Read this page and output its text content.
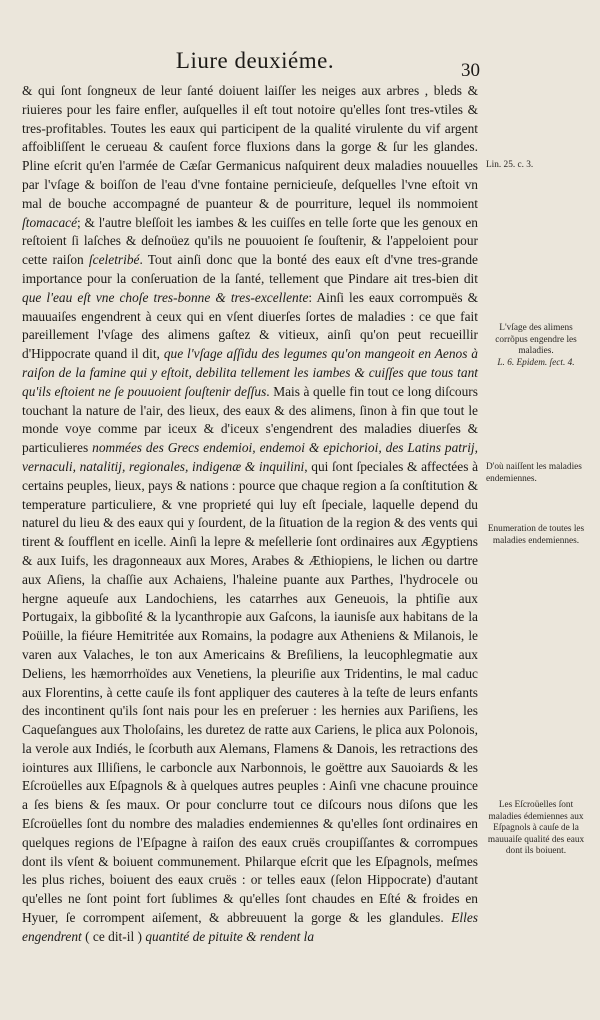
Liure deuxiéme.	30

& qui ſont ſongneux de leur ſanté doiuent laiſſer les neiges aux arbres , bleds & riuieres pour les faire enfler, auſquelles il eſt tout notoire qu'elles ſont tres-vtiles & tres-profitables. Toutes les eaux qui participent de la qualité virulente du vif argent affoibliſſent le cerueau & cauſent force fluxions dans la gorge & ſur les glandes. Pline eſcrit qu'en l'armée de Cæſar Germanicus naſquirent deux maladies nouuelles par l'vſage & boiſſon de l'eau d'vne fontaine pernicieuſe, deſquelles l'vne eſtoit vn mal de bouche accompagné de puanteur & de pourriture, lequel ils nommoient ſtomacacé; & l'autre bleſſoit les iambes & les cuiſſes en telle ſorte que les genoux en reſtoient ſi laſches & deſnoüez qu'ils ne pouuoient ſe ſouſtenir, & l'appeloient pour cette raiſon ſceletribé. Tout ainſi donc que la bonté des eaux eſt d'vne tres-grande importance pour la conſeruation de la ſanté, tellement que Pindare ait tres-bien dit que l'eau eſt vne choſe tres-bonne & tres-excellente: Ainſi les eaux corrompuës & mauuaiſes engendrent à ceux qui en vſent diuerſes ſortes de maladies : ce que fait pareillement l'vſage des alimens gaſtez & vitieux, ainſi qu'on peut recueillir d'Hippocrate quand il dit, que l'vſage aſſidu des legumes qu'on mangeoit en Aenos à raiſon de la famine qui y eſtoit, debilita tellement les iambes & cuiſſes que tous tant qu'ils eſtoient ne ſe pouuoient ſouſtenir deſſus. Mais à quelle fin tout ce long diſcours touchant la nature de l'air, des lieux, des eaux & des alimens, ſinon à fin que tout le monde voye comme par iceux & d'iceux s'engendrent des maladies diuerſes & particulieres nommées des Grecs endemioi, endemoi & epichorioi, des Latins patrij, vernaculi, natalitij, regionales, indigenæ & inquilini, qui ſont ſpeciales & affectées à certains peuples, lieux, pays & nations : pource que chaque region a ſa conſtitution & temperature particuliere, & vne proprieté qui luy eſt ſpeciale, laquelle depend du naturel du lieu & des eaux qui y ſourdent, de la ſituation de la region & des vents qui tirent & ſoufflent en icelle. Ainſi la lepre & meſellerie ſont ordinaires aux Ægyptiens & aux Iuifs, les dragonneaux aux Mores, Arabes & Æthiopiens, le lichen ou dartre aux Aſiens, la chaſſie aux Achaiens, l'haleine puante aux Parthes, l'hydrocele ou hergne aqueuſe aux Landochiens, les catarrhes aux Geneuois, la phtiſie aux Portugaix, la gibboſité & la lycanthropie aux Gaſcons, la iaunisſe aux habitans de la Poüille, la fiéure Hemitritée aux Romains, la podagre aux Atheniens & Milanois, le varen aux Valaches, le ton aux Americains & Breſiliens, la leucophlegmatie aux Deliens, les hæmorrhoïdes aux Venetiens, la pleuriſie aux Tridentins, le mal caduc aux Florentins, à cette cauſe ils font appliquer des cauteres à la teſte de leurs enfants des incontinent qu'ils ſont nais pour les en preſeruer : les hernies aux Pariſiens, les Caqueſangues aux Tholoſains, les duretez de ratte aux Cariens, le plica aux Polonois, la verole aux Indiés, le ſcorbuth aux Alemans, Flamens & Danois, les retractions des iointures aux Illiſiens, le carboncle aux Narbonnois, le goëttre aux Sauoiards & les Eſcroüelles aux Eſpagnols & à quelques autres peuples : Ainſi vne chacune prouince a ſes biens & ſes maux. Or pour conclurre tout ce diſcours nous diſons que les Eſcroüelles ſont du nombre des maladies endemiennes & qu'elles ſont ordinaires en quelques regions de l'Eſpagne à raiſon des eaux cruës croupiſſantes & corrompues dont ils vſent & boiuent communement. Philarque eſcrit que les Eſpagnols, meſmes les plus riches, boiuent des eaux cruës : or telles eaux (ſelon Hippocrate) d'autant qu'elles ne ſont point fort ſublimes & qu'elles ſont chaudes en Eſté & froides en Hyuer, ſe corrompent aiſement, & abbreuuent la gorge & les glandules. Elles engendrent ( ce dit-il ) quantité de pituite & rendent la

Lin. 25. c. 3.
L'vſage des alimens corrõpus engendre les maladies.
L. 6. Epidem. ſect. 4.
D'où naiſſent les maladies endemiennes.
Enumeration de toutes les maladies endemiennes.
Les Eſcroüelles ſont maladies édemiennes aux Eſpagnols à cauſe de la mauuaiſe qualité des eaux dont ils boiuent.
